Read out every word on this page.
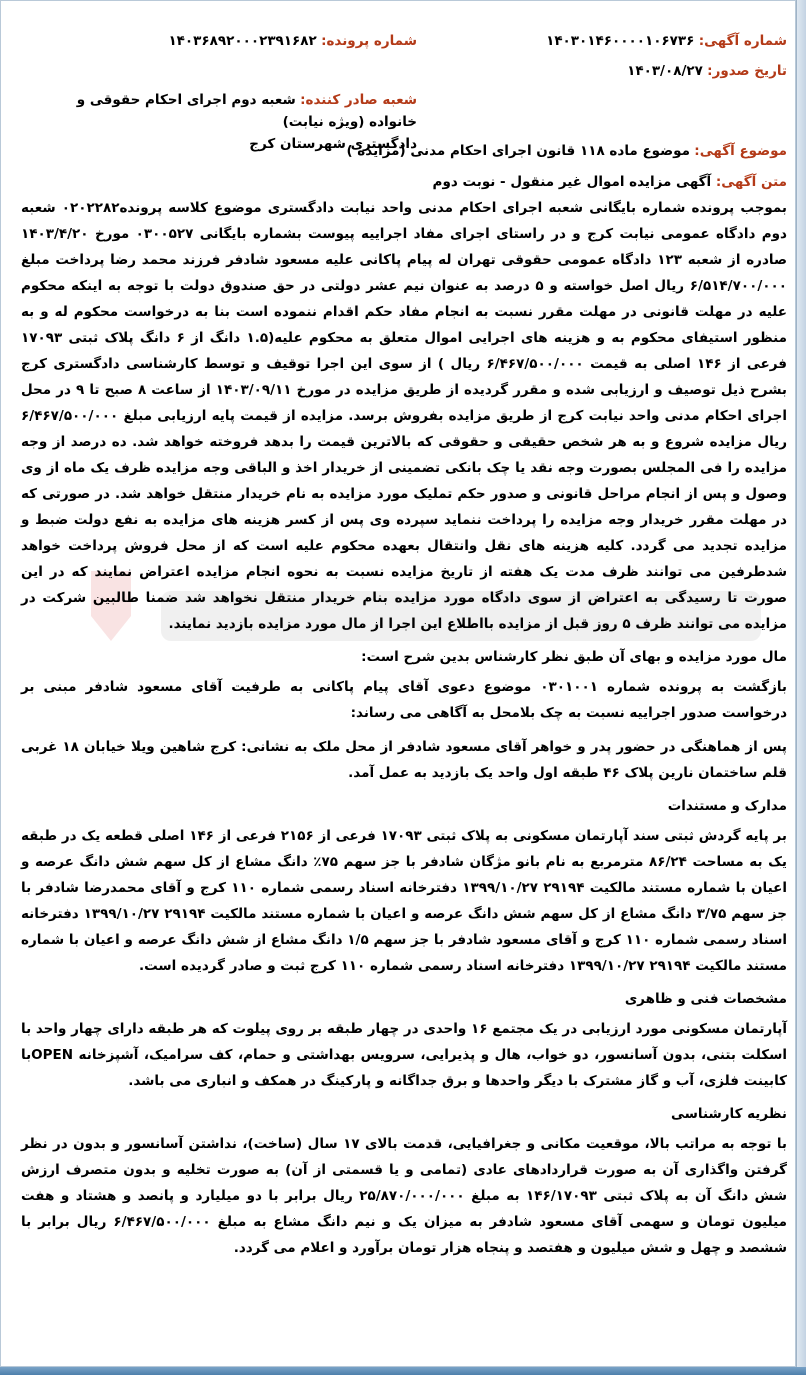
شماره آگهی: ۱۴۰۳۰۱۴۶۰۰۰۰۱۰۶۷۳۶
شماره پرونده: ۱۴۰۳۶۸۹۲۰۰۰۲۳۹۱۶۸۲
تاریخ صدور: ۱۴۰۳/۰۸/۲۷
شعبه صادر کننده: شعبه دوم اجرای احکام حقوقی و خانواده (ویژه نیابت)
دادگستری شهرستان کرج	موضوع آگهی: موضوع ماده ۱۱۸ قانون اجرای احکام مدنی (مزایده )
متن آگهی: آگهی مزایده اموال غیر منقول - نوبت دوم

بموجب پرونده شماره بایگانی شعبه اجرای احکام مدنی واحد نیابت دادگستری موضوع کلاسه پرونده۰۲۰۲۲۸۲ شعبه دوم دادگاه عمومی نیابت کرج و در راستای اجرای مفاد اجراییه پیوست بشماره بایگانی ۰۳۰۰۵۲۷ مورخ ۱۴۰۳/۴/۲۰ صادره از شعبه ۱۲۳ دادگاه عمومی حقوقی تهران له پیام پاکانی علیه مسعود شادفر فرزند محمد رضا پرداخت مبلغ ۶/۵۱۴/۷۰۰/۰۰۰ ریال اصل خواسته و ۵ درصد به عنوان نیم عشر دولتی در حق صندوق دولت با توجه به اینکه محکوم علیه در مهلت قانونی در مهلت مقرر نسبت به انجام مفاد حکم اقدام ننموده است بنا به درخواست محکوم له و به منظور استیفای محکوم به و هزینه های اجرایی اموال متعلق به محکوم علیه(۱.۵ دانگ از ۶ دانگ پلاک ثبتی ۱۷۰۹۳ فرعی از ۱۴۶ اصلی به قیمت ۶/۴۶۷/۵۰۰/۰۰۰ ریال ) از سوی این اجرا توقیف و توسط کارشناسی دادگستری کرج بشرح ذیل توصیف و ارزیابی شده و مقرر گردیده از طریق مزایده در مورخ ۱۴۰۳/۰۹/۱۱ از ساعت ۸ صبح تا ۹ در محل اجرای احکام مدنی واحد نیابت کرج از طریق مزایده بفروش برسد. مزایده از قیمت پایه ارزیابی مبلغ ۶/۴۶۷/۵۰۰/۰۰۰ ریال مزایده شروع و به هر شخص حقیقی و حقوقی که بالاترین قیمت را بدهد فروخته خواهد شد. ده درصد از وجه مزایده را فی المجلس بصورت وجه نقد یا چک بانکی تضمینی از خریدار اخذ و الباقی وجه مزایده ظرف یک ماه از وی وصول و پس از انجام مراحل قانونی و صدور حکم تملیک مورد مزایده به نام خریدار منتقل خواهد شد. در صورتی که در مهلت مقرر خریدار وجه مزایده را پرداخت ننماید سپرده وی پس از کسر هزینه های مزایده به نفع دولت ضبط و مزایده تجدید می گردد. کلیه هزینه های نقل وانتقال بعهده محکوم علیه است که از محل فروش پرداخت خواهد شدطرفین می توانند ظرف مدت یک هفته از تاریخ مزایده نسبت به نحوه انجام مزایده اعتراض نمایند که در این صورت تا رسیدگی به اعتراض از سوی دادگاه مورد مزایده بنام خریدار منتقل نخواهد شد ضمنا طالبین شرکت در مزایده می توانند ظرف ۵ روز قبل از مزایده بااطلاع این اجرا از مال مورد مزایده بازدید نمایند.

مال مورد مزایده و بهای آن طبق نظر کارشناس بدین شرح است:

بازگشت به پرونده شماره ۰۳۰۱۰۰۱ موضوع دعوی آقای پیام پاکانی به طرفیت آقای مسعود شادفر مبنی بر درخواست صدور اجراییه نسبت به چک بلامحل به آگاهی می رساند:

پس از هماهنگی در حضور پدر و خواهر آقای مسعود شادفر از محل ملک به نشانی: کرج شاهین ویلا خیابان ۱۸ غربی قلم ساختمان نارین پلاک ۴۶ طبقه اول واحد یک بازدید به عمل آمد.

مدارک و مستندات

بر پایه گردش ثبتی سند آپارتمان مسکونی به پلاک ثبتی ۱۷۰۹۳ فرعی از ۲۱۵۶ فرعی از ۱۴۶ اصلی قطعه یک در طبقه یک به مساحت ۸۶/۲۴ مترمربع به نام بانو مژگان شادفر با جز سهم ۷۵٪ دانگ مشاع از کل سهم شش دانگ عرصه و اعیان با شماره مستند مالکیت ۲۹۱۹۴ ۱۳۹۹/۱۰/۲۷ دفترخانه اسناد رسمی شماره ۱۱۰ کرج و آقای محمدرضا شادفر با جز سهم ۳/۷۵ دانگ مشاع از کل سهم شش دانگ عرصه و اعیان با شماره مستند مالکیت ۲۹۱۹۴ ۱۳۹۹/۱۰/۲۷ دفترخانه اسناد رسمی شماره ۱۱۰ کرج و آقای مسعود شادفر با جز سهم ۱/۵ دانگ مشاع از شش دانگ عرصه و اعیان با شماره مستند مالکیت ۲۹۱۹۴ ۱۳۹۹/۱۰/۲۷ دفترخانه اسناد رسمی شماره ۱۱۰ کرج ثبت و صادر گردیده است.

مشخصات فنی و ظاهری

آپارتمان مسکونی مورد ارزیابی در یک مجتمع ۱۶ واحدی در چهار طبقه بر روی پیلوت که هر طبقه دارای چهار واحد با اسکلت بتنی، بدون آسانسور، دو خواب، هال و پذیرایی، سرویس بهداشتی و حمام، کف سرامیک، آشپزخانه OPENبا کابینت فلزی، آب و گاز مشترک با دیگر واحدها و برق جداگانه و پارکینگ در همکف و انباری می باشد.

نظریه کارشناسی

با توجه به مراتب بالا، موقعیت مکانی و جغرافیایی، قدمت بالای ۱۷ سال (ساخت)، نداشتن آسانسور و بدون در نظر گرفتن واگذاری آن به صورت قراردادهای عادی (تمامی و یا قسمتی از آن) به صورت تخلیه و بدون متصرف ارزش شش دانگ آن به پلاک ثبتی ۱۴۶/۱۷۰۹۳ به مبلغ ۲۵/۸۷۰/۰۰۰/۰۰۰ ریال برابر با دو میلیارد و پانصد و هشتاد و هفت میلیون تومان و سهمی آقای مسعود شادفر به میزان یک و نیم دانگ مشاع به مبلغ ۶/۴۶۷/۵۰۰/۰۰۰ ریال برابر با ششصد و چهل و شش میلیون و هفتصد و پنجاه هزار تومان برآورد و اعلام می گردد.
